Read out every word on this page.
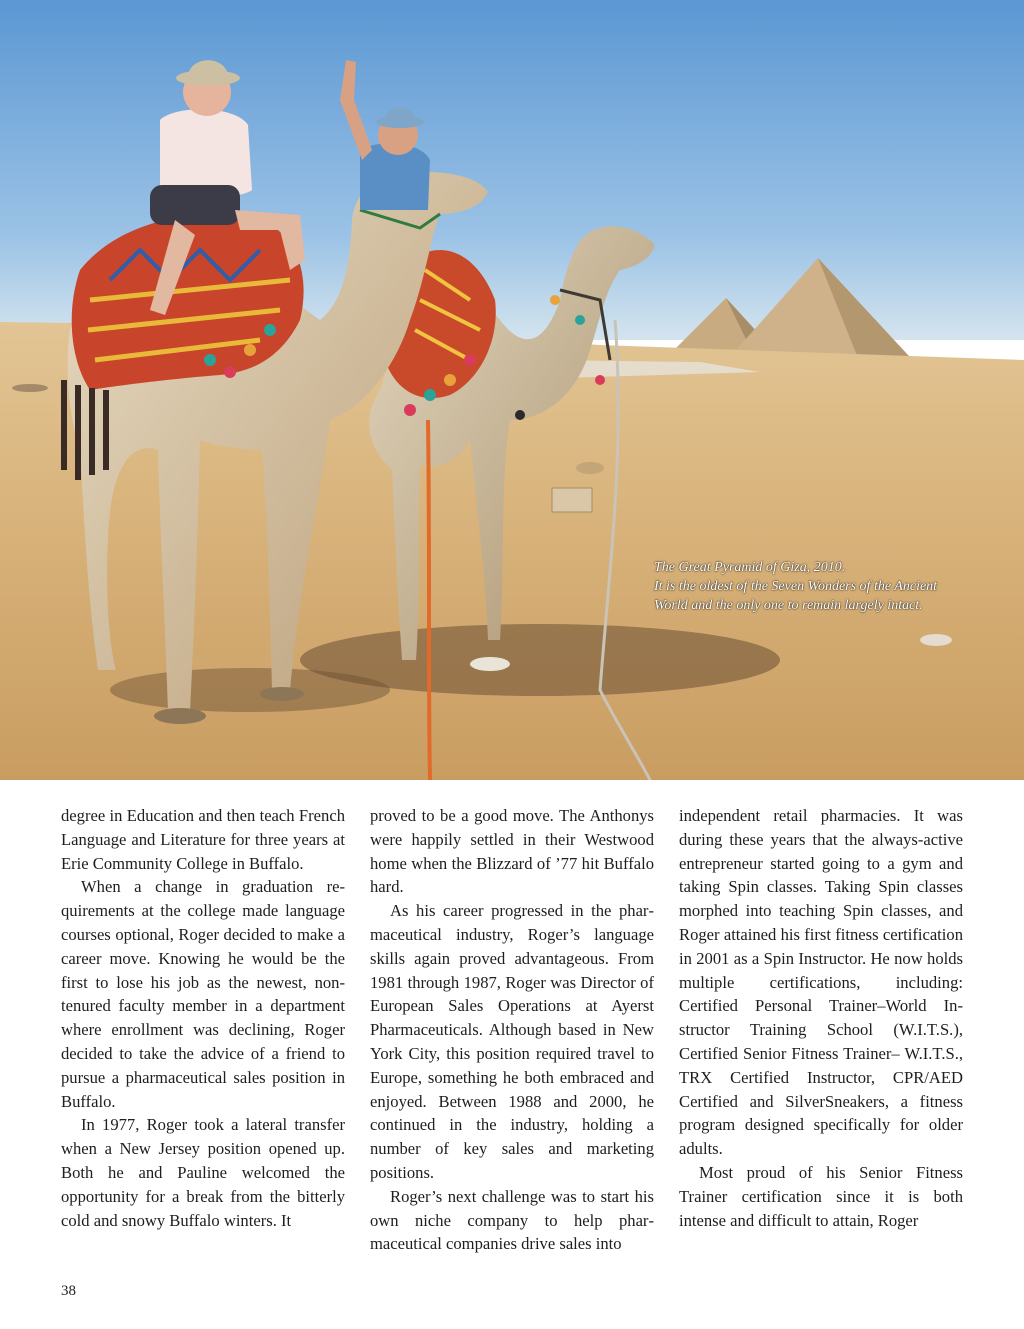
The Great Pyramid of Giza, 2010.
It is the oldest of the Seven Wonders of the Ancient
World and the only one to remain largely intact.

degree in Education and then teach French Language and Literature for three years at Erie Community College in Buffalo.

When a change in graduation requirements at the college made language courses optional, Roger decided to make a career move. Knowing he would be the first to lose his job as the newest, non-tenured faculty member in a department where enrollment was declining, Roger decided to take the advice of a friend to pursue a pharmaceutical sales position in Buffalo.

In 1977, Roger took a lateral transfer when a New Jersey position opened up. Both he and Pauline welcomed the opportunity for a break from the bitterly cold and snowy Buffalo winters. It

proved to be a good move. The Anthonys were happily settled in their Westwood home when the Blizzard of ’77 hit Buffalo hard.

As his career progressed in the pharmaceutical industry, Roger’s language skills again proved advantageous. From 1981 through 1987, Roger was Director of European Sales Operations at Ayerst Pharmaceuticals. Although based in New York City, this position required travel to Europe, something he both embraced and enjoyed. Between 1988 and 2000, he continued in the industry, holding a number of key sales and marketing positions.

Roger’s next challenge was to start his own niche company to help pharmaceutical companies drive sales into

independent retail pharmacies. It was during these years that the always-active entrepreneur started going to a gym and taking Spin classes. Taking Spin classes morphed into teaching Spin classes, and Roger attained his first fitness certification in 2001 as a Spin Instructor. He now holds multiple certifications, including: Certified Personal Trainer–World Instructor Training School (W.I.T.S.), Certified Senior Fitness Trainer– W.I.T.S., TRX Certified Instructor, CPR/AED Certified and SilverSneakers, a fitness program designed specifically for older adults.

Most proud of his Senior Fitness Trainer certification since it is both intense and difficult to attain, Roger

38
